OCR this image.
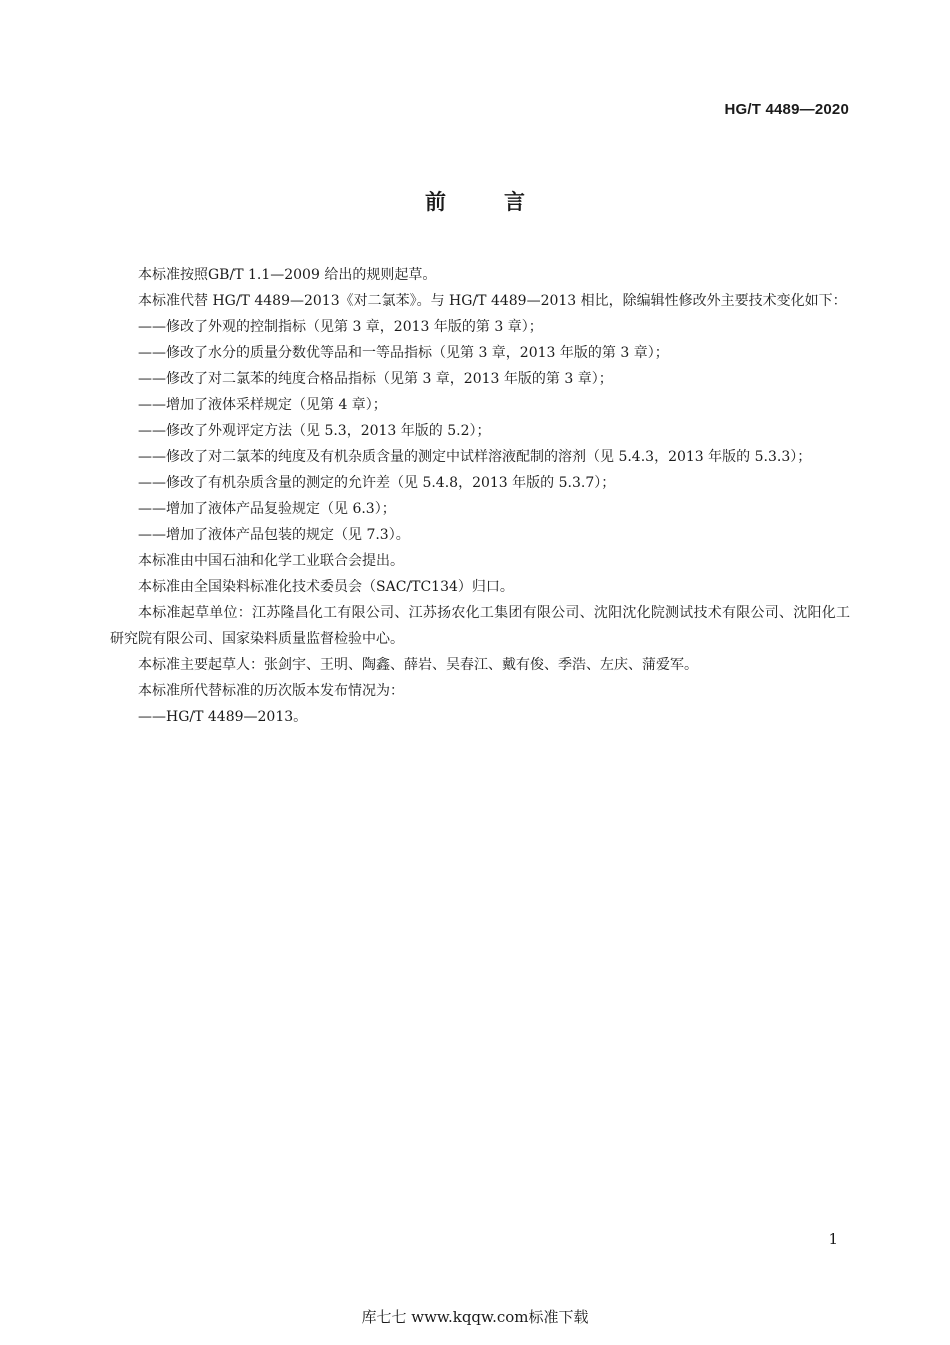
HG/T 4489—2020
前言

本标准按照GB/T 1.1—2009 给出的规则起草。

本标准代替 HG/T 4489—2013《对二氯苯》。与 HG/T 4489—2013 相比，除编辑性修改外主要技术变化如下：

——修改了外观的控制指标（见第 3 章，2013 年版的第 3 章）；

——修改了水分的质量分数优等品和一等品指标（见第 3 章，2013 年版的第 3 章）；

——修改了对二氯苯的纯度合格品指标（见第 3 章，2013 年版的第 3 章）；

——增加了液体采样规定（见第 4 章）；

——修改了外观评定方法（见 5.3，2013 年版的 5.2）；

——修改了对二氯苯的纯度及有机杂质含量的测定中试样溶液配制的溶剂（见 5.4.3，2013 年版的 5.3.3）；

——修改了有机杂质含量的测定的允许差（见 5.4.8，2013 年版的 5.3.7）；

——增加了液体产品复验规定（见 6.3）；

——增加了液体产品包装的规定（见 7.3）。

本标准由中国石油和化学工业联合会提出。

本标准由全国染料标准化技术委员会（SAC/TC134）归口。

本标准起草单位：江苏隆昌化工有限公司、江苏扬农化工集团有限公司、沈阳沈化院测试技术有限公司、沈阳化工研究院有限公司、国家染料质量监督检验中心。

本标准主要起草人：张剑宇、王明、陶鑫、薛岩、吴春江、戴有俊、季浩、左庆、蒲爱军。

本标准所代替标准的历次版本发布情况为：

——HG/T 4489—2013。

1
库七七 www.kqqw.com标准下载
